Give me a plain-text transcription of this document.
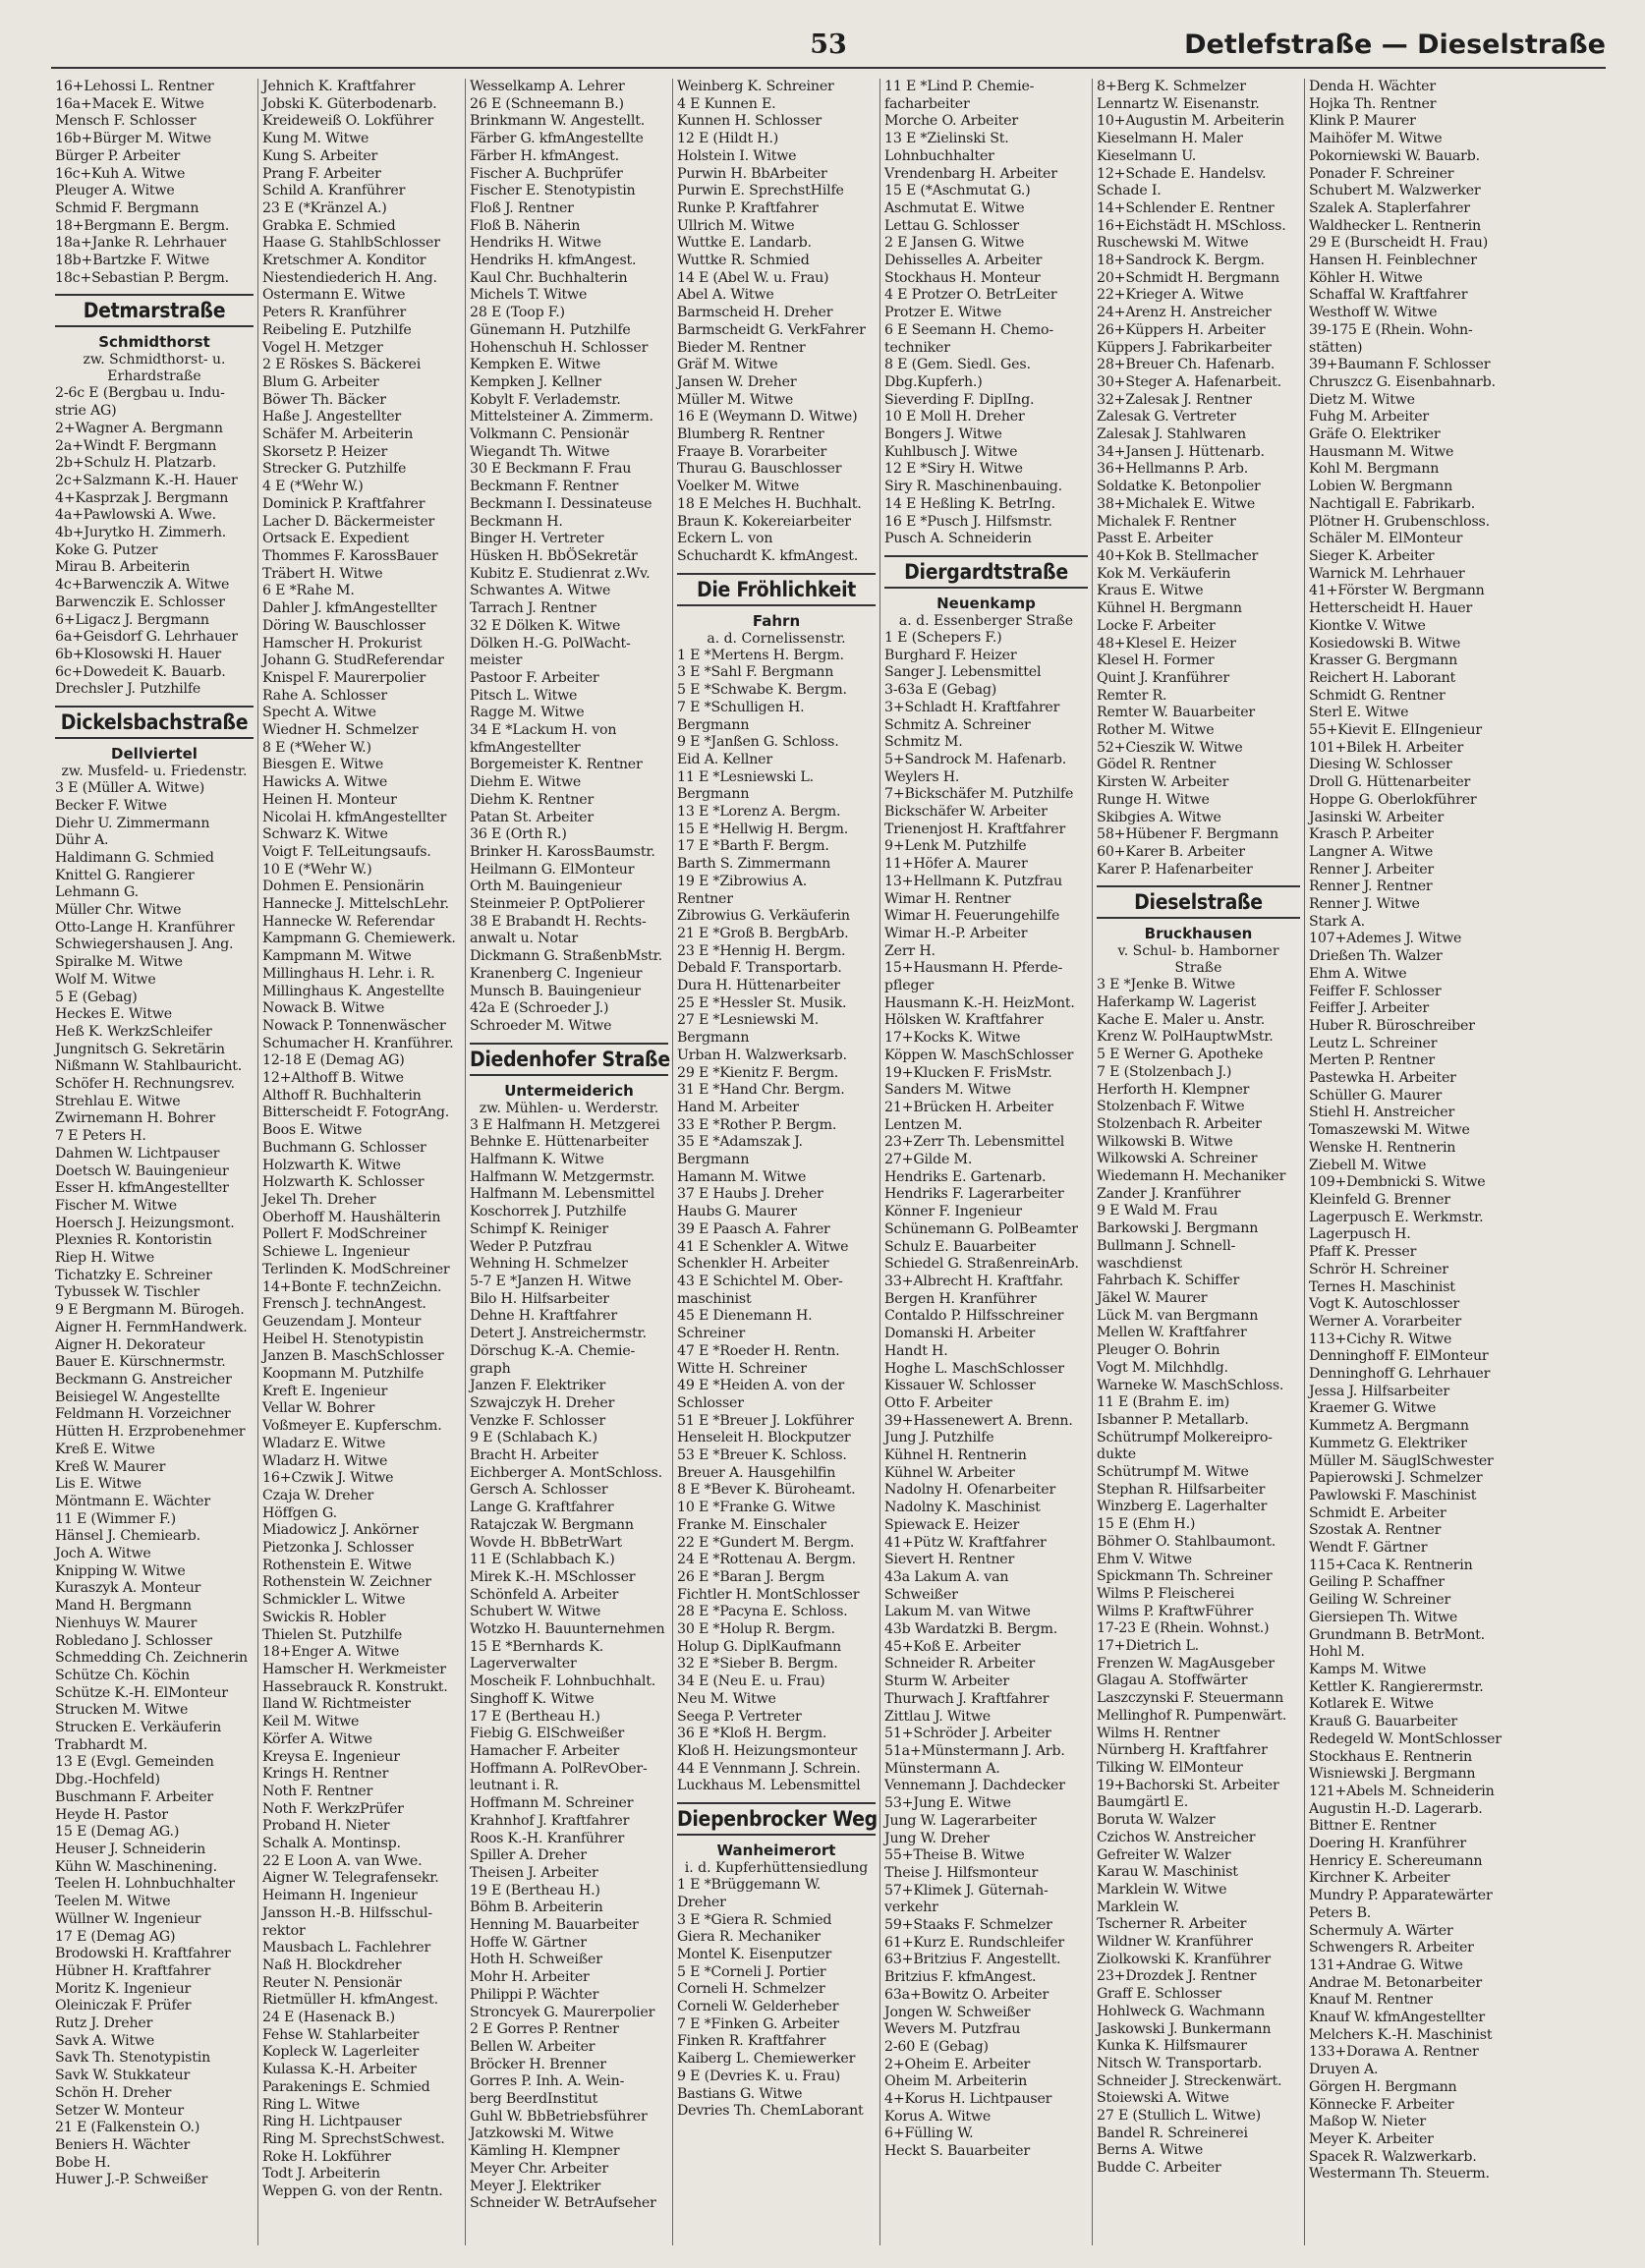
53	Detlefstraße — Dieselstraße
16+Lehossi L. Rentner
16a+Macek E. Witwe
Mensch F. Schlosser
16b+Bürger M. Witwe
Bürger P. Arbeiter
16c+Kuh A. Witwe
Pleuger A. Witwe
Schmid F. Bergmann
18+Bergmann E. Bergm.
18a+Janke R. Lehrhauer
18b+Bartzke F. Witwe
18c+Sebastian P. Bergm.
Detmarstraße
Schmidthorst
zw. Schmidthorst- u.
Erhardstraße
2-6c E (Bergbau u. Indu-
strie AG)
2+Wagner A. Bergmann
2a+Windt F. Bergmann
2b+Schulz H. Platzarb.
2c+Salzmann K.-H. Hauer
4+Kasprzak J. Bergmann
4a+Pawlowski A. Wwe.
4b+Jurytko H. Zimmerh.
Koke G. Putzer
Mirau B. Arbeiterin
4c+Barwenczik A. Witwe
Barwenczik E. Schlosser
6+Ligacz J. Bergmann
6a+Geisdorf G. Lehrhauer
6b+Klosowski H. Hauer
6c+Dowedeit K. Bauarb.
Drechsler J. Putzhilfe
Dickelsbachstraße
Dellviertel
zw. Musfeld- u. Friedenstr.
3 E (Müller A. Witwe)
Becker F. Witwe
Diehr U. Zimmermann
Dühr A.
Haldimann G. Schmied
Knittel G. Rangierer
Lehmann G.
Müller Chr. Witwe
Otto-Lange H. Kranführer
Schwiegershausen J. Ang.
Spiralke M. Witwe
Wolf M. Witwe
5 E (Gebag)
Heckes E. Witwe
Heß K. WerkzSchleifer
Jungnitsch G. Sekretärin
Nißmann W. Stahlbauricht.
Schöfer H. Rechnungsrev.
Strehlau E. Witwe
Zwirnemann H. Bohrer
7 E Peters H.
Dahmen W. Lichtpauser
Doetsch W. Bauingenieur
Esser H. kfmAngestellter
Fischer M. Witwe
Hoersch J. Heizungsmont.
Plexnies R. Kontoristin
Riep H. Witwe
Tichatzky E. Schreiner
Tybussek W. Tischler
9 E Bergmann M. Bürogeh.
Aigner H. FernmHandwerk.
Aigner H. Dekorateur
Bauer E. Kürschnermstr.
Beckmann G. Anstreicher
Beisiegel W. Angestellte
Feldmann H. Vorzeichner
Hütten H. Erzprobenehmer
Kreß E. Witwe
Kreß W. Maurer
Lis E. Witwe
Möntmann E. Wächter
11 E (Wimmer F.)
Hänsel J. Chemiearb.
Joch A. Witwe
Knipping W. Witwe
Kuraszyk A. Monteur
Mand H. Bergmann
Nienhuys W. Maurer
Robledano J. Schlosser
Schmedding Ch. Zeichnerin
Schütze Ch. Köchin
Schütze K.-H. ElMonteur
Strucken M. Witwe
Strucken E. Verkäuferin
Trabhardt M.
13 E (Evgl. Gemeinden
Dbg.-Hochfeld)
Buschmann F. Arbeiter
Heyde H. Pastor
15 E (Demag AG.)
Heuser J. Schneiderin
Kühn W. Maschinening.
Teelen H. Lohnbuchhalter
Teelen M. Witwe
Wüllner W. Ingenieur
17 E (Demag AG)
Brodowski H. Kraftfahrer
Hübner H. Kraftfahrer
Moritz K. Ingenieur
Oleiniczak F. Prüfer
Rutz J. Dreher
Savk A. Witwe
Savk Th. Stenotypistin
Savk W. Stukkateur
Schön H. Dreher
Setzer W. Monteur
21 E (Falkenstein O.)
Beniers H. Wächter
Bobe H.
Huwer J.-P. Schweißer
Jehnich K. Kraftfahrer
Jobski K. Güterbodenarb.
Kreideweiß O. Lokführer
Kung M. Witwe
Kung S. Arbeiter
Prang F. Arbeiter
Schild A. Kranführer
23 E (*Kränzel A.)
Grabka E. Schmied
Haase G. StahlbSchlosser
Kretschmer A. Konditor
Niestendiederich H. Ang.
Ostermann E. Witwe
Peters R. Kranführer
Reibeling E. Putzhilfe
Vogel H. Metzger
2 E Röskes S. Bäckerei
Blum G. Arbeiter
Böwer Th. Bäcker
Haße J. Angestellter
Schäfer M. Arbeiterin
Skorsetz P. Heizer
Strecker G. Putzhilfe
4 E (*Wehr W.)
Dominick P. Kraftfahrer
Lacher D. Bäckermeister
Ortsack E. Expedient
Thommes F. KarossBauer
Träbert H. Witwe
6 E *Rahe M.
Dahler J. kfmAngestellter
Döring W. Bauschlosser
Hamscher H. Prokurist
Johann G. StudReferendar
Knispel F. Maurerpolier
Rahe A. Schlosser
Specht A. Witwe
Wiedner H. Schmelzer
8 E (*Weher W.)
Biesgen E. Witwe
Hawicks A. Witwe
Heinen H. Monteur
Nicolai H. kfmAngestellter
Schwarz K. Witwe
Voigt F. TelLeitungsaufs.
10 E (*Wehr W.)
Dohmen E. Pensionärin
Hannecke J. MittelschLehr.
Hannecke W. Referendar
Kampmann G. Chemiewerk.
Kampmann M. Witwe
Millinghaus H. Lehr. i. R.
Millinghaus K. Angestellte
Nowack B. Witwe
Nowack P. Tonnenwäscher
Schumacher H. Kranführer.
12-18 E (Demag AG)
12+Althoff B. Witwe
Althoff R. Buchhalterin
Bitterscheidt F. FotogrAng.
Boos E. Witwe
Buchmann G. Schlosser
Holzwarth K. Witwe
Holzwarth K. Schlosser
Jekel Th. Dreher
Oberhoff M. Haushälterin
Pollert F. ModSchreiner
Schiewe L. Ingenieur
Terlinden K. ModSchreiner
14+Bonte F. technZeichn.
Frensch J. technAngest.
Geuzendam J. Monteur
Heibel H. Stenotypistin
Janzen B. MaschSchlosser
Koopmann M. Putzhilfe
Kreft E. Ingenieur
Vellar W. Bohrer
Voßmeyer E. Kupferschm.
Wladarz E. Witwe
Wladarz H. Witwe
16+Czwik J. Witwe
Czaja W. Dreher
Höffgen G.
Miadowicz J. Ankörner
Pietzonka J. Schlosser
Rothenstein E. Witwe
Rothenstein W. Zeichner
Schmickler L. Witwe
Swickis R. Hobler
Thielen St. Putzhilfe
18+Enger A. Witwe
Hamscher H. Werkmeister
Hassebrauck R. Konstrukt.
Iland W. Richtmeister
Keil M. Witwe
Körfer A. Witwe
Kreysa E. Ingenieur
Krings H. Rentner
Noth F. Rentner
Noth F. WerkzPrüfer
Proband H. Nieter
Schalk A. Montinsp.
22 E Loon A. van Wwe.
Aigner W. Telegrafensekr.
Heimann H. Ingenieur
Jansson H.-B. Hilfsschul-
rektor
Mausbach L. Fachlehrer
Naß H. Blockdreher
Reuter N. Pensionär
Rietmüller H. kfmAngest.
24 E (Hasenack B.)
Fehse W. Stahlarbeiter
Kopleck W. Lagerleiter
Kulassa K.-H. Arbeiter
Parakenings E. Schmied
Ring L. Witwe
Ring H. Lichtpauser
Ring M. SprechstSchwest.
Roke H. Lokführer
Todt J. Arbeiterin
Weppen G. von der Rentn.
Wesselkamp A. Lehrer
26 E (Schneemann B.)
Brinkmann W. Angestellt.
Färber G. kfmAngestellte
Färber H. kfmAngest.
Fischer A. Buchprüfer
Fischer E. Stenotypistin
Floß J. Rentner
Floß B. Näherin
Hendriks H. Witwe
Hendriks H. kfmAngest.
Kaul Chr. Buchhalterin
Michels T. Witwe
28 E (Toop F.)
Günemann H. Putzhilfe
Hohenschuh H. Schlosser
Kempken E. Witwe
Kempken J. Kellner
Kobylt F. Verlademstr.
Mittelsteiner A. Zimmerm.
Volkmann C. Pensionär
Wiegandt Th. Witwe
30 E Beckmann F. Frau
Beckmann F. Rentner
Beckmann I. Dessinateuse
Beckmann H.
Binger H. Vertreter
Hüsken H. BbÖSekretär
Kubitz E. Studienrat z.Wv.
Schwantes A. Witwe
Tarrach J. Rentner
32 E Dölken K. Witwe
Dölken H.-G. PolWacht-
meister
Pastoor F. Arbeiter
Pitsch L. Witwe
Ragge M. Witwe
34 E *Lackum H. von
kfmAngestellter
Borgemeister K. Rentner
Diehm E. Witwe
Diehm K. Rentner
Patan St. Arbeiter
36 E (Orth R.)
Brinker H. KarossBaumstr.
Heilmann G. ElMonteur
Orth M. Bauingenieur
Steinmeier P. OptPolierer
38 E Brabandt H. Rechts-
anwalt u. Notar
Dickmann G. StraßenbMstr.
Kranenberg C. Ingenieur
Munsch B. Bauingenieur
42a E (Schroeder J.)
Schroeder M. Witwe
Diedenhofer Straße
Untermeiderich
zw. Mühlen- u. Werderstr.
3 E Halfmann H. Metzgerei
Behnke E. Hüttenarbeiter
Halfmann K. Witwe
Halfmann W. Metzgermstr.
Halfmann M. Lebensmittel
Koschorrek J. Putzhilfe
Schimpf K. Reiniger
Weder P. Putzfrau
Wehning H. Schmelzer
5-7 E *Janzen H. Witwe
Bilo H. Hilfsarbeiter
Dehne H. Kraftfahrer
Detert J. Anstreichermstr.
Dörschug K.-A. Chemie-
graph
Janzen F. Elektriker
Szwajczyk H. Dreher
Venzke F. Schlosser
9 E (Schlabach K.)
Bracht H. Arbeiter
Eichberger A. MontSchloss.
Gersch A. Schlosser
Lange G. Kraftfahrer
Ratajczak W. Bergmann
Wovde H. BbBetrWart
11 E (Schlabbach K.)
Mirek K.-H. MSchlosser
Schönfeld A. Arbeiter
Schubert W. Witwe
Wotzko H. Bauunternehmen
15 E *Bernhards K.
Lagerverwalter
Moscheik F. Lohnbuchhalt.
Singhoff K. Witwe
17 E (Bertheau H.)
Fiebig G. ElSchweißer
Hamacher F. Arbeiter
Hoffmann A. PolRevOber-
leutnant i. R.
Hoffmann M. Schreiner
Krahnhof J. Kraftfahrer
Roos K.-H. Kranführer
Spiller A. Dreher
Theisen J. Arbeiter
19 E (Bertheau H.)
Böhm B. Arbeiterin
Henning M. Bauarbeiter
Hoffe W. Gärtner
Hoth H. Schweißer
Mohr H. Arbeiter
Philippi P. Wächter
Stroncyek G. Maurerpolier
2 E Gorres P. Rentner
Bellen W. Arbeiter
Bröcker H. Brenner
Gorres P. Inh. A. Wein-
berg BeerdInstitut
Guhl W. BbBetriebsführer
Jatzkowski M. Witwe
Kämling H. Klempner
Meyer Chr. Arbeiter
Meyer J. Elektriker
Schneider W. BetrAufseher
Weinberg K. Schreiner
4 E Kunnen E.
Kunnen H. Schlosser
12 E (Hildt H.)
Holstein I. Witwe
Purwin H. BbArbeiter
Purwin E. SprechstHilfe
Runke P. Kraftfahrer
Ullrich M. Witwe
Wuttke E. Landarb.
Wuttke R. Schmied
14 E (Abel W. u. Frau)
Abel A. Witwe
Barmscheid H. Dreher
Barmscheidt G. VerkFahrer
Bieder M. Rentner
Gräf M. Witwe
Jansen W. Dreher
Müller M. Witwe
16 E (Weymann D. Witwe)
Blumberg R. Rentner
Fraaye B. Vorarbeiter
Thurau G. Bauschlosser
Voelker M. Witwe
18 E Melches H. Buchhalt.
Braun K. Kokereiarbeiter
Eckern L. von
Schuchardt K. kfmAngest.
Die Fröhlichkeit
Fahrn
a. d. Cornelissenstr.
1 E *Mertens H. Bergm.
3 E *Sahl F. Bergmann
5 E *Schwabe K. Bergm.
7 E *Schulligen H.
Bergmann
9 E *Janßen G. Schloss.
Eid A. Kellner
11 E *Lesniewski L.
Bergmann
13 E *Lorenz A. Bergm.
15 E *Hellwig H. Bergm.
17 E *Barth F. Bergm.
Barth S. Zimmermann
19 E *Zibrowius A.
Rentner
Zibrowius G. Verkäuferin
21 E *Groß B. BergbArb.
23 E *Hennig H. Bergm.
Debald F. Transportarb.
Dura H. Hüttenarbeiter
25 E *Hessler St. Musik.
27 E *Lesniewski M.
Bergmann
Urban H. Walzwerksarb.
29 E *Kienitz F. Bergm.
31 E *Hand Chr. Bergm.
Hand M. Arbeiter
33 E *Rother P. Bergm.
35 E *Adamszak J.
Bergmann
Hamann M. Witwe
37 E Haubs J. Dreher
Haubs G. Maurer
39 E Paasch A. Fahrer
41 E Schenkler A. Witwe
Schenkler H. Arbeiter
43 E Schichtel M. Ober-
maschinist
45 E Dienemann H.
Schreiner
47 E *Roeder H. Rentn.
Witte H. Schreiner
49 E *Heiden A. von der
Schlosser
51 E *Breuer J. Lokführer
Henseleit H. Blockputzer
53 E *Breuer K. Schloss.
Breuer A. Hausgehilfin
8 E *Bever K. Büroheamt.
10 E *Franke G. Witwe
Franke M. Einschaler
22 E *Gundert M. Bergm.
24 E *Rottenau A. Bergm.
26 E *Baran J. Bergm
Fichtler H. MontSchlosser
28 E *Pacyna E. Schloss.
30 E *Holup R. Bergm.
Holup G. DiplKaufmann
32 E *Sieber B. Bergm.
34 E (Neu E. u. Frau)
Neu M. Witwe
Seega P. Vertreter
36 E *Kloß H. Bergm.
Kloß H. Heizungsmonteur
44 E Vennmann J. Schrein.
Luckhaus M. Lebensmittel
Diepenbrocker Weg
Wanheimerort
i. d. Kupferhüttensiedlung
1 E *Brüggemann W.
Dreher
3 E *Giera R. Schmied
Giera R. Mechaniker
Montel K. Eisenputzer
5 E *Corneli J. Portier
Corneli H. Schmelzer
Corneli W. Gelderheber
7 E *Finken G. Arbeiter
Finken R. Kraftfahrer
Kaiberg L. Chemiewerker
9 E (Devries K. u. Frau)
Bastians G. Witwe
Devries Th. ChemLaborant
11 E *Lind P. Chemie-
facharbeiter
Morche O. Arbeiter
13 E *Zielinski St.
Lohnbuchhalter
Vrendenbarg H. Arbeiter
15 E (*Aschmutat G.)
Aschmutat E. Witwe
Lettau G. Schlosser
2 E Jansen G. Witwe
Dehisselles A. Arbeiter
Stockhaus H. Monteur
4 E Protzer O. BetrLeiter
Protzer E. Witwe
6 E Seemann H. Chemo-
techniker
8 E (Gem. Siedl. Ges.
Dbg.Kupferh.)
Sieverding F. DiplIng.
10 E Moll H. Dreher
Bongers J. Witwe
Kuhlbusch J. Witwe
12 E *Siry H. Witwe
Siry R. Maschinenbauing.
14 E Heßling K. BetrIng.
16 E *Pusch J. Hilfsmstr.
Pusch A. Schneiderin
Diergardtstraße
Neuenkamp
a. d. Essenberger Straße
1 E (Schepers F.)
Burghard F. Heizer
Sanger J. Lebensmittel
3-63a E (Gebag)
3+Schladt H. Kraftfahrer
Schmitz A. Schreiner
Schmitz M.
5+Sandrock M. Hafenarb.
Weylers H.
7+Bickschäfer M. Putzhilfe
Bickschäfer W. Arbeiter
Trienenjost H. Kraftfahrer
9+Lenk M. Putzhilfe
11+Höfer A. Maurer
13+Hellmann K. Putzfrau
Wimar H. Rentner
Wimar H. Feuerungehilfe
Wimar H.-P. Arbeiter
Zerr H.
15+Hausmann H. Pferde-
pfleger
Hausmann K.-H. HeizMont.
Hölsken W. Kraftfahrer
17+Kocks K. Witwe
Köppen W. MaschSchlosser
19+Klucken F. FrisMstr.
Sanders M. Witwe
21+Brücken H. Arbeiter
Lentzen M.
23+Zerr Th. Lebensmittel
27+Gilde M.
Hendriks E. Gartenarb.
Hendriks F. Lagerarbeiter
Könner F. Ingenieur
Schünemann G. PolBeamter
Schulz E. Bauarbeiter
Schiedel G. StraßenreinArb.
33+Albrecht H. Kraftfahr.
Bergen H. Kranführer
Contaldo P. Hilfsschreiner
Domanski H. Arbeiter
Handt H.
Hoghe L. MaschSchlosser
Kissauer W. Schlosser
Otto F. Arbeiter
39+Hassenewert A. Brenn.
Jung J. Putzhilfe
Kühnel H. Rentnerin
Kühnel W. Arbeiter
Nadolny H. Ofenarbeiter
Nadolny K. Maschinist
Spiewack E. Heizer
41+Pütz W. Kraftfahrer
Sievert H. Rentner
43a Lakum A. van
Schweißer
Lakum M. van Witwe
43b Wardatzki B. Bergm.
45+Koß E. Arbeiter
Schneider R. Arbeiter
Sturm W. Arbeiter
Thurwach J. Kraftfahrer
Zittlau J. Witwe
51+Schröder J. Arbeiter
51a+Münstermann J. Arb.
Münstermann A.
Vennemann J. Dachdecker
53+Jung E. Witwe
Jung W. Lagerarbeiter
Jung W. Dreher
55+Theise B. Witwe
Theise J. Hilfsmonteur
57+Klimek J. Güternah-
verkehr
59+Staaks F. Schmelzer
61+Kurz E. Rundschleifer
63+Britzius F. Angestellt.
Britzius F. kfmAngest.
63a+Bowitz O. Arbeiter
Jongen W. Schweißer
Wevers M. Putzfrau
2-60 E (Gebag)
2+Oheim E. Arbeiter
Oheim M. Arbeiterin
4+Korus H. Lichtpauser
Korus A. Witwe
6+Fülling W.
Heckt S. Bauarbeiter
8+Berg K. Schmelzer
Lennartz W. Eisenanstr.
10+Augustin M. Arbeiterin
Kieselmann H. Maler
Kieselmann U.
12+Schade E. Handelsv.
Schade I.
14+Schlender E. Rentner
16+Eichstädt H. MSchloss.
Ruschewski M. Witwe
18+Sandrock K. Bergm.
20+Schmidt H. Bergmann
22+Krieger A. Witwe
24+Arenz H. Anstreicher
26+Küppers H. Arbeiter
Küppers J. Fabrikarbeiter
28+Breuer Ch. Hafenarb.
30+Steger A. Hafenarbeit.
32+Zalesak J. Rentner
Zalesak G. Vertreter
Zalesak J. Stahlwaren
34+Jansen J. Hüttenarb.
36+Hellmanns P. Arb.
Soldatke K. Betonpolier
38+Michalek E. Witwe
Michalek F. Rentner
Passt E. Arbeiter
40+Kok B. Stellmacher
Kok M. Verkäuferin
Kraus E. Witwe
Kühnel H. Bergmann
Locke F. Arbeiter
48+Klesel E. Heizer
Klesel H. Former
Quint J. Kranführer
Remter R.
Remter W. Bauarbeiter
Rother M. Witwe
52+Cieszik W. Witwe
Gödel R. Rentner
Kirsten W. Arbeiter
Runge H. Witwe
Skibgies A. Witwe
58+Hübener F. Bergmann
60+Karer B. Arbeiter
Karer P. Hafenarbeiter
Dieselstraße
Bruckhausen
v. Schul- b. Hamborner
Straße
3 E *Jenke B. Witwe
Haferkamp W. Lagerist
Kache E. Maler u. Anstr.
Krenz W. PolHauptwMstr.
5 E Werner G. Apotheke
7 E (Stolzenbach J.)
Herforth H. Klempner
Stolzenbach F. Witwe
Stolzenbach R. Arbeiter
Wilkowski B. Witwe
Wilkowski A. Schreiner
Wiedemann H. Mechaniker
Zander J. Kranführer
9 E Wald M. Frau
Barkowski J. Bergmann
Bullmann J. Schnell-
waschdienst
Fahrbach K. Schiffer
Jäkel W. Maurer
Lück M. van Bergmann
Mellen W. Kraftfahrer
Pleuger O. Bohrin
Vogt M. Milchhdlg.
Warneke W. MaschSchloss.
11 E (Brahm E. im)
Isbanner P. Metallarb.
Schütrumpf Molkereipro-
dukte
Schütrumpf M. Witwe
Stephan R. Hilfsarbeiter
Winzberg E. Lagerhalter
15 E (Ehm H.)
Böhmer O. Stahlbaumont.
Ehm V. Witwe
Spickmann Th. Schreiner
Wilms P. Fleischerei
Wilms P. KraftwFührer
17-23 E (Rhein. Wohnst.)
17+Dietrich L.
Frenzen W. MagAusgeber
Glagau A. Stoffwärter
Laszczynski F. Steuermann
Mellinghof R. Pumpenwärt.
Wilms H. Rentner
Nürnberg H. Kraftfahrer
Tilking W. ElMonteur
19+Bachorski St. Arbeiter
Baumgärtl E.
Boruta W. Walzer
Czichos W. Anstreicher
Gefreiter W. Walzer
Karau W. Maschinist
Marklein W. Witwe
Marklein W.
Tscherner R. Arbeiter
Wildner W. Kranführer
Ziolkowski K. Kranführer
23+Drozdek J. Rentner
Graff E. Schlosser
Hohlweck G. Wachmann
Jaskowski J. Bunkermann
Kunka K. Hilfsmaurer
Nitsch W. Transportarb.
Schneider J. Streckenwärt.
Stoiewski A. Witwe
27 E (Stullich L. Witwe)
Bandel R. Schreinerei
Berns A. Witwe
Budde C. Arbeiter
Denda H. Wächter
Hojka Th. Rentner
Klink P. Maurer
Maihöfer M. Witwe
Pokorniewski W. Bauarb.
Ponader F. Schreiner
Schubert M. Walzwerker
Szalek A. Staplerfahrer
Waldhecker L. Rentnerin
29 E (Burscheidt H. Frau)
Hansen H. Feinblechner
Köhler H. Witwe
Schaffal W. Kraftfahrer
Westhoff W. Witwe
39-175 E (Rhein. Wohn-
stätten)
39+Baumann F. Schlosser
Chruszcz G. Eisenbahnarb.
Dietz M. Witwe
Fuhg M. Arbeiter
Gräfe O. Elektriker
Hausmann M. Witwe
Kohl M. Bergmann
Lobien W. Bergmann
Nachtigall E. Fabrikarb.
Plötner H. Grubenschloss.
Schäler M. ElMonteur
Sieger K. Arbeiter
Warnick M. Lehrhauer
41+Förster W. Bergmann
Hetterscheidt H. Hauer
Kiontke V. Witwe
Kosiedowski B. Witwe
Krasser G. Bergmann
Reichert H. Laborant
Schmidt G. Rentner
Sterl E. Witwe
55+Kievit E. ElIngenieur
101+Bilek H. Arbeiter
Diesing W. Schlosser
Droll G. Hüttenarbeiter
Hoppe G. Oberlokführer
Jasinski W. Arbeiter
Krasch P. Arbeiter
Langner A. Witwe
Renner J. Arbeiter
Renner J. Rentner
Renner J. Witwe
Stark A.
107+Ademes J. Witwe
Drießen Th. Walzer
Ehm A. Witwe
Feiffer F. Schlosser
Feiffer J. Arbeiter
Huber R. Büroschreiber
Leutz L. Schreiner
Merten P. Rentner
Pastewka H. Arbeiter
Schüller G. Maurer
Stiehl H. Anstreicher
Tomaszewski M. Witwe
Wenske H. Rentnerin
Ziebell M. Witwe
109+Dembnicki S. Witwe
Kleinfeld G. Brenner
Lagerpusch E. Werkmstr.
Lagerpusch H.
Pfaff K. Presser
Schrör H. Schreiner
Ternes H. Maschinist
Vogt K. Autoschlosser
Werner A. Vorarbeiter
113+Cichy R. Witwe
Denninghoff F. ElMonteur
Denninghoff G. Lehrhauer
Jessa J. Hilfsarbeiter
Kraemer G. Witwe
Kummetz A. Bergmann
Kummetz G. Elektriker
Müller M. SäuglSchwester
Papierowski J. Schmelzer
Pawlowski F. Maschinist
Schmidt E. Arbeiter
Szostak A. Rentner
Wendt F. Gärtner
115+Caca K. Rentnerin
Geiling P. Schaffner
Geiling W. Schreiner
Giersiepen Th. Witwe
Grundmann B. BetrMont.
Hohl M.
Kamps M. Witwe
Kettler K. Rangierermstr.
Kotlarek E. Witwe
Krauß G. Bauarbeiter
Redegeld W. MontSchlosser
Stockhaus E. Rentnerin
Wisniewski J. Bergmann
121+Abels M. Schneiderin
Augustin H.-D. Lagerarb.
Bittner E. Rentner
Doering H. Kranführer
Henricy E. Schereumann
Kirchner K. Arbeiter
Mundry P. Apparatewärter
Peters B.
Schermuly A. Wärter
Schwengers R. Arbeiter
131+Andrae G. Witwe
Andrae M. Betonarbeiter
Knauf M. Rentner
Knauf W. kfmAngestellter
Melchers K.-H. Maschinist
133+Dorawa A. Rentner
Druyen A.
Görgen H. Bergmann
Könnecke F. Arbeiter
Maßop W. Nieter
Meyer K. Arbeiter
Spacek R. Walzwerkarb.
Westermann Th. Steuerm.
